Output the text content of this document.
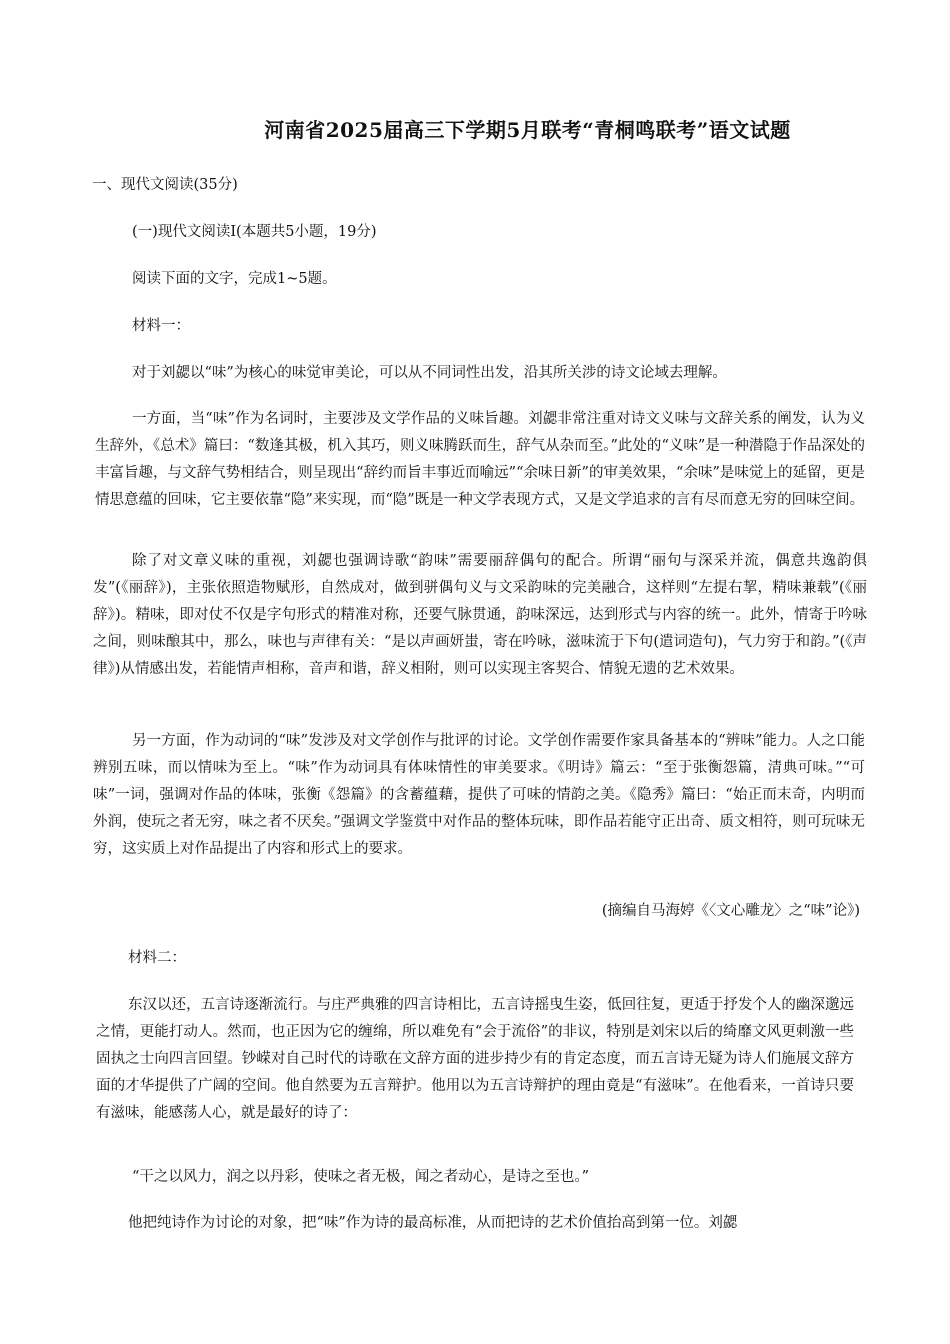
河南省2025届高三下学期5月联考“青桐鸣联考”语文试题
一、现代文阅读(35分)
(一)现代文阅读Ⅰ(本题共5小题，19分)
阅读下面的文字，完成1~5题。
材料一：
对于刘勰以“味”为核心的味觉审美论，可以从不同词性出发，沿其所关涉的诗文论域去理解。
一方面，当“味”作为名词时，主要涉及文学作品的义味旨趣。刘勰非常注重对诗文义味与文辞关系的阐发，认为义生辞外，《总术》篇曰：“数逢其极，机入其巧，则义味腾跃而生，辞气从杂而至。”此处的“义味”是一种潜隐于作品深处的丰富旨趣，与文辞气势相结合，则呈现出“辞约而旨丰事近而喻远”“余味日新”的审美效果，“余味”是味觉上的延留，更是情思意蕴的回味，它主要依靠“隐”来实现，而“隐”既是一种文学表现方式，又是文学追求的言有尽而意无穷的回味空间。
除了对文章义味的重视，刘勰也强调诗歌“韵味”需要丽辞偶句的配合。所谓“丽句与深采并流，偶意共逸韵俱发”(《丽辞》)，主张依照造物赋形，自然成对，做到骈偶句义与文采韵味的完美融合，这样则“左提右挈，精味兼载”(《丽辞》)。精味，即对仗不仅是字句形式的精准对称，还要气脉贯通，韵味深远，达到形式与内容的统一。此外，情寄于吟咏之间，则味酿其中，那么，味也与声律有关：“是以声画妍蚩，寄在吟咏，滋味流于下句(遣词造句)，气力穷于和韵。”(《声律》)从情感出发，若能情声相称，音声和谐，辞义相附，则可以实现主客契合、情貌无遗的艺术效果。
另一方面，作为动词的“味”发涉及对文学创作与批评的讨论。文学创作需要作家具备基本的“辨味”能力。人之口能辨别五味，而以情味为至上。“味”作为动词具有体味情性的审美要求。《明诗》篇云：“至于张衡怨篇，清典可味。”“可味”一词，强调对作品的体味，张衡《怨篇》的含蓄蕴藉，提供了可味的情韵之美。《隐秀》篇曰：“始正而末奇，内明而外润，使玩之者无穷，味之者不厌矣。”强调文学鉴赏中对作品的整体玩味，即作品若能守正出奇、质文相符，则可玩味无穷，这实质上对作品提出了内容和形式上的要求。
(摘编自马海婷《〈文心雕龙〉之“味”论》)
材料二：
东汉以还，五言诗逐渐流行。与庄严典雅的四言诗相比，五言诗摇曳生姿，低回往复，更适于抒发个人的幽深邈远之情，更能打动人。然而，也正因为它的缠绵，所以难免有“会于流俗”的非议，特别是刘宋以后的绮靡文风更刺激一些固执之士向四言回望。钞嵘对自己时代的诗歌在文辞方面的进步持少有的肯定态度，而五言诗无疑为诗人们施展文辞方面的才华提供了广阔的空间。他自然要为五言辩护。他用以为五言诗辩护的理由竟是“有滋味”。在他看来，一首诗只要有滋味，能感荡人心，就是最好的诗了：
“干之以风力，润之以丹彩，使味之者无极，闻之者动心，是诗之至也。”
他把纯诗作为讨论的对象，把“味”作为诗的最高标准，从而把诗的艺术价值抬高到第一位。刘勰
